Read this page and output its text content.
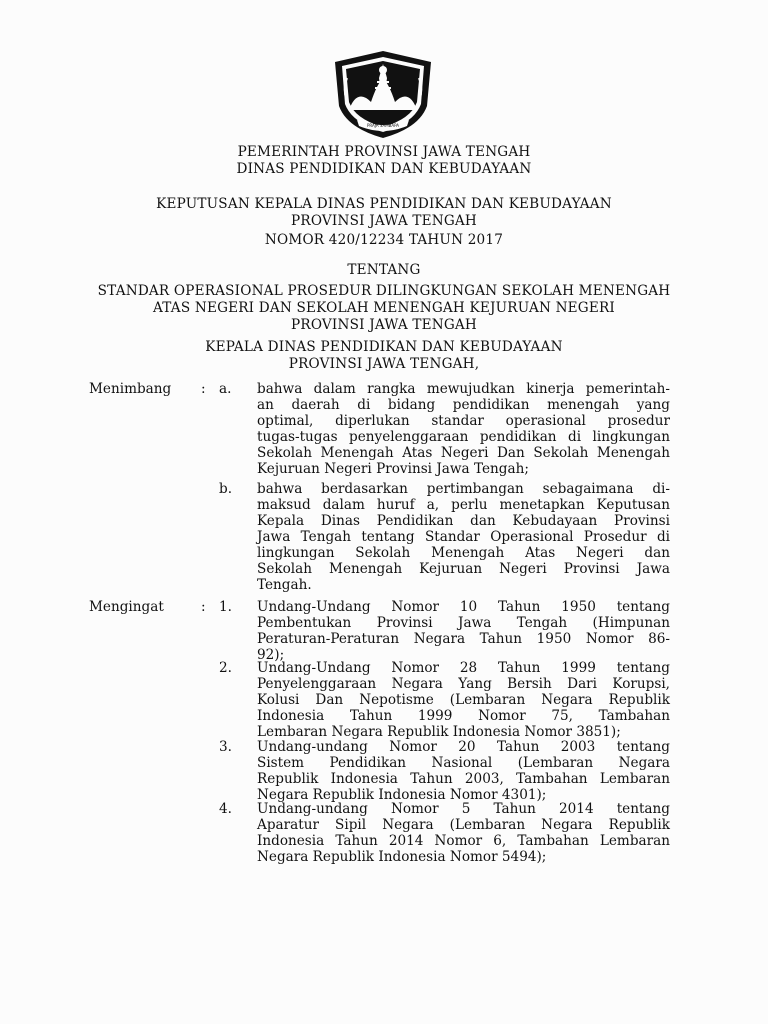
PRAJA SAMBAPA
PEMERINTAH PROVINSI JAWA TENGAH
DINAS PENDIDIKAN DAN KEBUDAYAAN
KEPUTUSAN KEPALA DINAS PENDIDIKAN DAN KEBUDAYAAN
PROVINSI JAWA TENGAH
NOMOR 420/12234 TAHUN 2017
TENTANG
STANDAR OPERASIONAL PROSEDUR DILINGKUNGAN SEKOLAH MENENGAH
ATAS NEGERI DAN SEKOLAH MENENGAH KEJURUAN NEGERI
PROVINSI JAWA TENGAH
KEPALA DINAS PENDIDIKAN DAN KEBUDAYAAN
PROVINSI JAWA TENGAH,
Menimbang : a. bahwa dalam rangka mewujudkan kinerja pemerintah-
an daerah di bidang pendidikan menengah yang
optimal, diperlukan standar operasional prosedur
tugas-tugas penyelenggaraan pendidikan di lingkungan
Sekolah Menengah Atas Negeri Dan Sekolah Menengah
Kejuruan Negeri Provinsi Jawa Tengah;
b. bahwa berdasarkan pertimbangan sebagaimana di-
maksud dalam huruf a, perlu menetapkan Keputusan
Kepala Dinas Pendidikan dan Kebudayaan Provinsi
Jawa Tengah tentang Standar Operasional Prosedur di
lingkungan Sekolah Menengah Atas Negeri dan
Sekolah Menengah Kejuruan Negeri Provinsi Jawa
Tengah.
Mengingat	: 1. Undang-Undang Nomor 10 Tahun 1950 tentang
Pembentukan Provinsi Jawa Tengah (Himpunan
Peraturan-Peraturan Negara Tahun 1950 Nomor 86-
92);
2. Undang-Undang Nomor 28 Tahun 1999 tentang
Penyelenggaraan Negara Yang Bersih Dari Korupsi,
Kolusi Dan Nepotisme (Lembaran Negara Republik
Indonesia Tahun 1999 Nomor 75, Tambahan
Lembaran Negara Republik Indonesia Nomor 3851);
3. Undang-undang Nomor 20 Tahun 2003 tentang
Sistem Pendidikan Nasional (Lembaran Negara
Republik Indonesia Tahun 2003, Tambahan Lembaran
Negara Republik Indonesia Nomor 4301);
4. Undang-undang Nomor 5 Tahun 2014 tentang
Aparatur Sipil Negara (Lembaran Negara Republik
Indonesia Tahun 2014 Nomor 6, Tambahan Lembaran
Negara Republik Indonesia Nomor 5494);
